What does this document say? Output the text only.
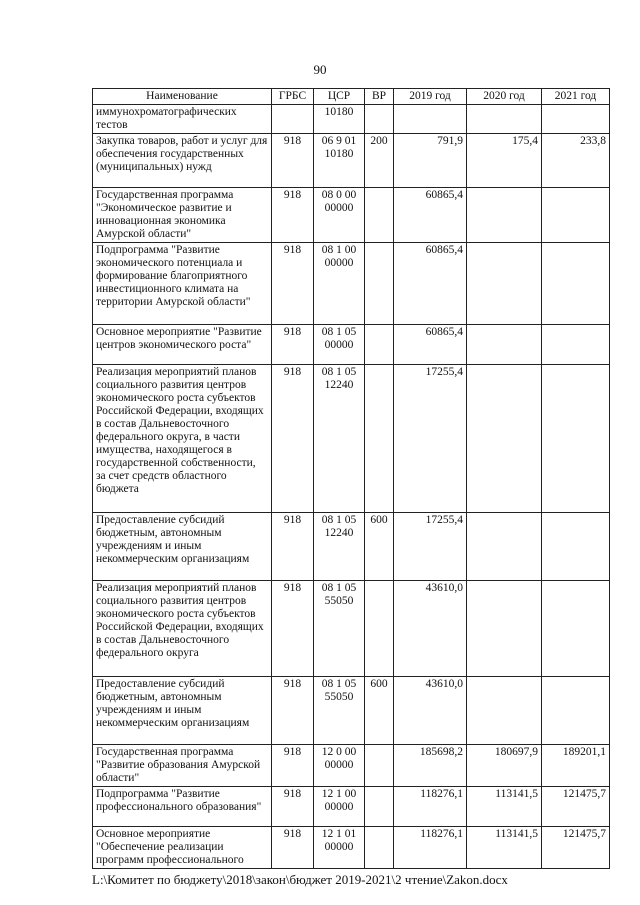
90
Наименование	ГРБС	ЦСР	ВР	2019 год	2020 год	2021 год
иммунохроматографических тестов		10180				
Закупка товаров, работ и услуг для обеспечения государственных (муниципальных) нужд	918	06 9 01 10180	200	791,9	175,4	233,8
Государственная программа "Экономическое развитие и инновационная экономика Амурской области"	918	08 0 00 00000		60865,4		
Подпрограмма "Развитие экономического потенциала и формирование благоприятного инвестиционного климата на территории Амурской области"	918	08 1 00 00000		60865,4		
Основное мероприятие "Развитие центров экономического роста"	918	08 1 05 00000		60865,4		
Реализация мероприятий планов социального развития центров экономического роста субъектов Российской Федерации, входящих в состав Дальневосточного федерального округа, в части имущества, находящегося в государственной собственности, за счет средств областного бюджета	918	08 1 05 12240		17255,4		
Предоставление субсидий бюджетным, автономным учреждениям и иным некоммерческим организациям	918	08 1 05 12240	600	17255,4		
Реализация мероприятий планов социального развития центров экономического роста субъектов Российской Федерации, входящих в состав Дальневосточного федерального округа	918	08 1 05 55050		43610,0		
Предоставление субсидий бюджетным, автономным учреждениям и иным некоммерческим организациям	918	08 1 05 55050	600	43610,0		
Государственная программа "Развитие образования Амурской области"	918	12 0 00 00000		185698,2	180697,9	189201,1
Подпрограмма "Развитие профессионального образования"	918	12 1 00 00000		118276,1	113141,5	121475,7
Основное мероприятие "Обеспечение реализации программ профессионального	918	12 1 01 00000		118276,1	113141,5	121475,7
L:\Комитет по бюджету\2018\закон\бюджет 2019-2021\2 чтение\Zakon.docx
